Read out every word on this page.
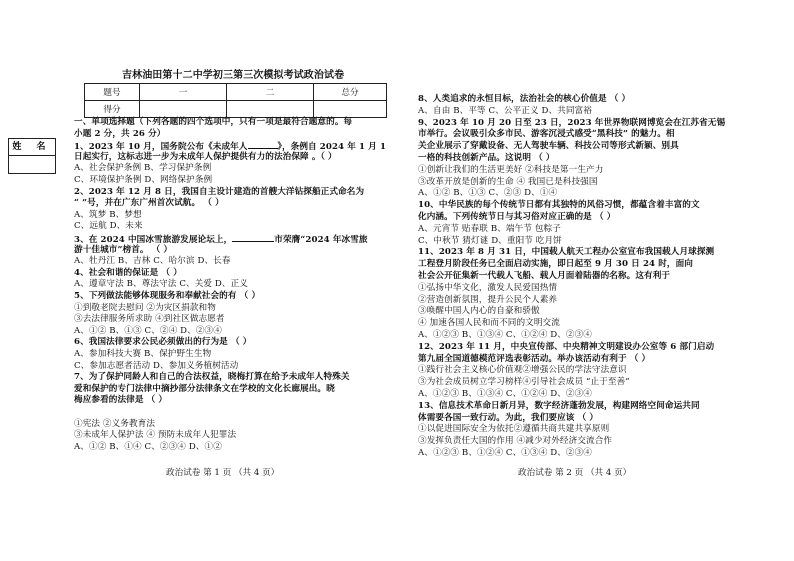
姓 名
吉林油田第十二中学初三第三次模拟考试政治试卷
题号	一	二	总分
得分			
一、单项选择题（下列各题的四个选项中，只有一项是最符合题意的。每
小题 2 分，共 26 分）
1、2023 年 10 月，国务院公布《未成年人	》，条例自 2024 年 1 月 1
日起实行，这标志进一步为未成年人保护提供有力的法治保障 。（ ）
A、社会保护条例 B、学习保护条例
C、环境保护条例 D、网络保护条例
2、2023 年 12 月 8 日，我国自主设计建造的首艘大洋钻探船正式命名为
“ ”号，并在广东广州首次试航。 （ ）
A、筑梦 B、梦想
C、远航 D、未来
3、在 2024 中国冰雪旅游发展论坛上，	市荣膺“2024 年冰雪旅
游十佳城市”榜首。 （ ）
A、牡丹江 B、吉林 C、哈尔滨 D、长春
4、社会和谐的保证是 （ ）
A、遵章守法 B、尊法守法 C、关爱 D、正义
5、下列做法能够体现服务和奉献社会的有 （ ）
①到敬老院去慰问 ②为灾区捐款和物
③去法律服务所求助 ④到社区做志愿者
A、①② B、①③ C、②④ D、②③④
6、我国法律要求公民必须做出的行为是 （ ）
A、参加科技大赛 B、保护野生生物
C、参加志愿者活动 D、参加义务植树活动
7、为了保护同龄人和自己的合法权益，晓梅打算在给予未成年人特殊关
爱和保护的专门法律中摘抄部分法律条文在学校的文化长廊展出。晓
梅应参看的法律是 （ ）
①宪法 ②义务教育法
③未成年人保护法 ④ 预防未成年人犯罪法
A、①② B、①④ C、②③④ D、①②
政治试卷 第 1 页 （共 4 页）
8、人类追求的永恒目标，法治社会的核心价值是 （ ）
A、自由 B、平等 C、公平正义 D、共同富裕
9、2023 年 10 月 20 日至 23 日，2023 年世界物联网博览会在江苏省无锡
市举行。会议吸引众多市民、游客沉浸式感受“黑科技” 的魅力。相
关企业展示了穿戴设备、无人驾驶车辆、科技公司等形式新颖、别具
一格的科技创新产品。这说明 （ ）
①创新让我们的生活更美好 ②科技是第一生产力
③改革开放是创新的生命 ④ 我国已是科技强国
A、①② B、①③ C、②③ D、①④
10、中华民族的每个传统节日都有其独特的风俗习惯，都蕴含着丰富的文
化内涵。下列传统节日与其习俗对应正确的是 （ ）
A、元宵节 贴春联 B、端午节 包粽子
C、中秋节 猜灯谜 D、重阳节 吃月饼
11、2023 年 8 月 31 日，中国载人航天工程办公室宣布我国载人月球探测
工程登月阶段任务已全面启动实施，即日起至 9 月 30 日 24 时，面向
社会公开征集新一代载人飞船、载人月面着陆器的名称。这有利于
①弘扬中华文化，激发人民爱国热情
②营造创新氛围，提升公民个人素养
③唤醒中国人内心的自豪和骄傲
④ 加速各国人民和而不同的文明交流
A、①②③ B、①③④ C、①②④ D、②③④
12、2023 年 11 月，中央宣传部、中央精神文明建设办公室等 6 部门启动
第九届全国道德模范评选表彰活动。举办该活动有利于 （ ）
①践行社会主义核心价值观②增强公民的学法守法意识
③为社会成员树立学习榜样④引导社会成员 “止于至善”
A、①②③ B、①③④ C、①②④ D、②③④
13、信息技术革命日新月异，数字经济蓬勃发展，构建网络空间命运共同
体需要各国一致行动。为此，我们要应该 （ ）
①以促进国际安全为依托②遵循共商共建共享原则
③发挥负责任大国的作用 ④减少对外经济交流合作
A、①②③ B、①②④ C、①③④ D、②③④
政治试卷 第 2 页 （共 4 页）
